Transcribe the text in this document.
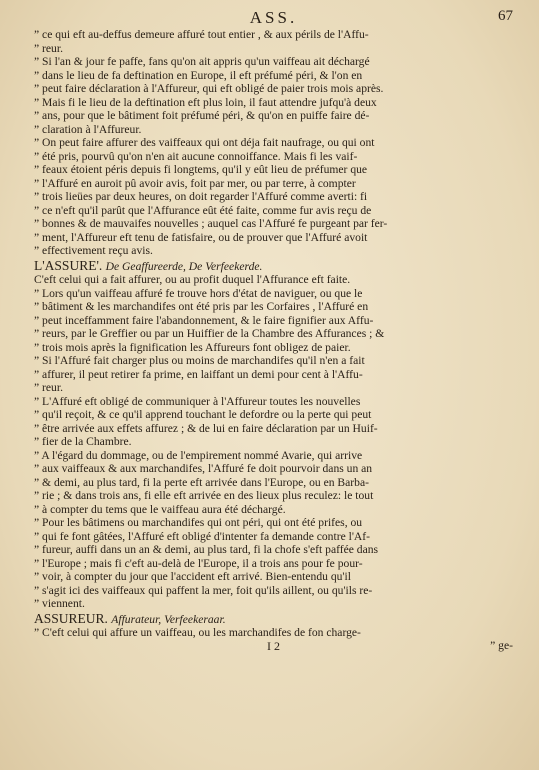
ASS.	67
” ce qui eft au-deffus demeure affuré tout entier , & aux périls de l'Affu-
” reur.
” Si l'an & jour fe paffe, fans qu'on ait appris qu'un vaiffeau ait déchargé
” dans le lieu de fa deftination en Europe, il eft préfumé péri, & l'on en
” peut faire déclaration à l'Affureur, qui eft obligé de paier trois mois après.
” Mais fi le lieu de la deftination eft plus loin, il faut attendre jufqu'à deux
” ans, pour que le bâtiment foit préfumé péri, & qu'on en puiffe faire dé-
” claration à l'Affureur.
” On peut faire affurer des vaiffeaux qui ont déja fait naufrage, ou qui ont
” été pris, pourvû qu'on n'en ait aucune connoiffance. Mais fi les vaif-
” feaux étoient péris depuis fi longtems, qu'il y eût lieu de préfumer que
” l'Affuré en auroit pû avoir avis, foit par mer, ou par terre, à compter
” trois lieües par deux heures, on doit regarder l'Affuré comme averti: fi
” ce n'eft qu'il parût que l'Affurance eût été faite, comme fur avis reçu de
” bonnes & de mauvaifes nouvelles ; auquel cas l'Affuré fe purgeant par fer-
” ment, l'Affureur eft tenu de fatisfaire, ou de prouver que l'Affuré avoit
” effectivement reçu avis.
L'ASSURE'. De Geaffureerde, De Verfeekerde.
C'eft celui qui a fait affurer, ou au profit duquel l'Affurance eft faite.
” Lors qu'un vaiffeau affuré fe trouve hors d'état de naviguer, ou que le
” bâtiment & les marchandifes ont été pris par les Corfaires , l'Affuré en
” peut inceffamment faire l'abandonnement, & le faire fignifier aux Affu-
” reurs, par le Greffier ou par un Huiffier de la Chambre des Affurances ; &
” trois mois après la fignification les Affureurs font obligez de paier.
” Si l'Affuré fait charger plus ou moins de marchandifes qu'il n'en a fait
” affurer, il peut retirer fa prime, en laiffant un demi pour cent à l'Affu-
” reur.
” L'Affuré eft obligé de communiquer à l'Affureur toutes les nouvelles
” qu'il reçoit, & ce qu'il apprend touchant le defordre ou la perte qui peut
” être arrivée aux effets affurez ; & de lui en faire déclaration par un Huif-
” fier de la Chambre.
” A l'égard du dommage, ou de l'empirement nommé Avarie, qui arrive
” aux vaiffeaux & aux marchandifes, l'Affuré fe doit pourvoir dans un an
” & demi, au plus tard, fi la perte eft arrivée dans l'Europe, ou en Barba-
” rie ; & dans trois ans, fi elle eft arrivée en des lieux plus reculez: le tout
” à compter du tems que le vaiffeau aura été déchargé.
” Pour les bâtimens ou marchandifes qui ont péri, qui ont été prifes, ou
” qui fe font gâtées, l'Affuré eft obligé d'intenter fa demande contre l'Af-
” fureur, auffi dans un an & demi, au plus tard, fi la chofe s'eft paffée dans
” l'Europe ; mais fi c'eft au-delà de l'Europe, il a trois ans pour fe pour-
” voir, à compter du jour que l'accident eft arrivé. Bien-entendu qu'il
” s'agit ici des vaiffeaux qui paffent la mer, foit qu'ils aillent, ou qu'ils re-
” viennent.
ASSUREUR. Affurateur, Verfeekeraar.
” C'eft celui qui affure un vaiffeau, ou les marchandifes de fon charge-
I 2	” ge-
